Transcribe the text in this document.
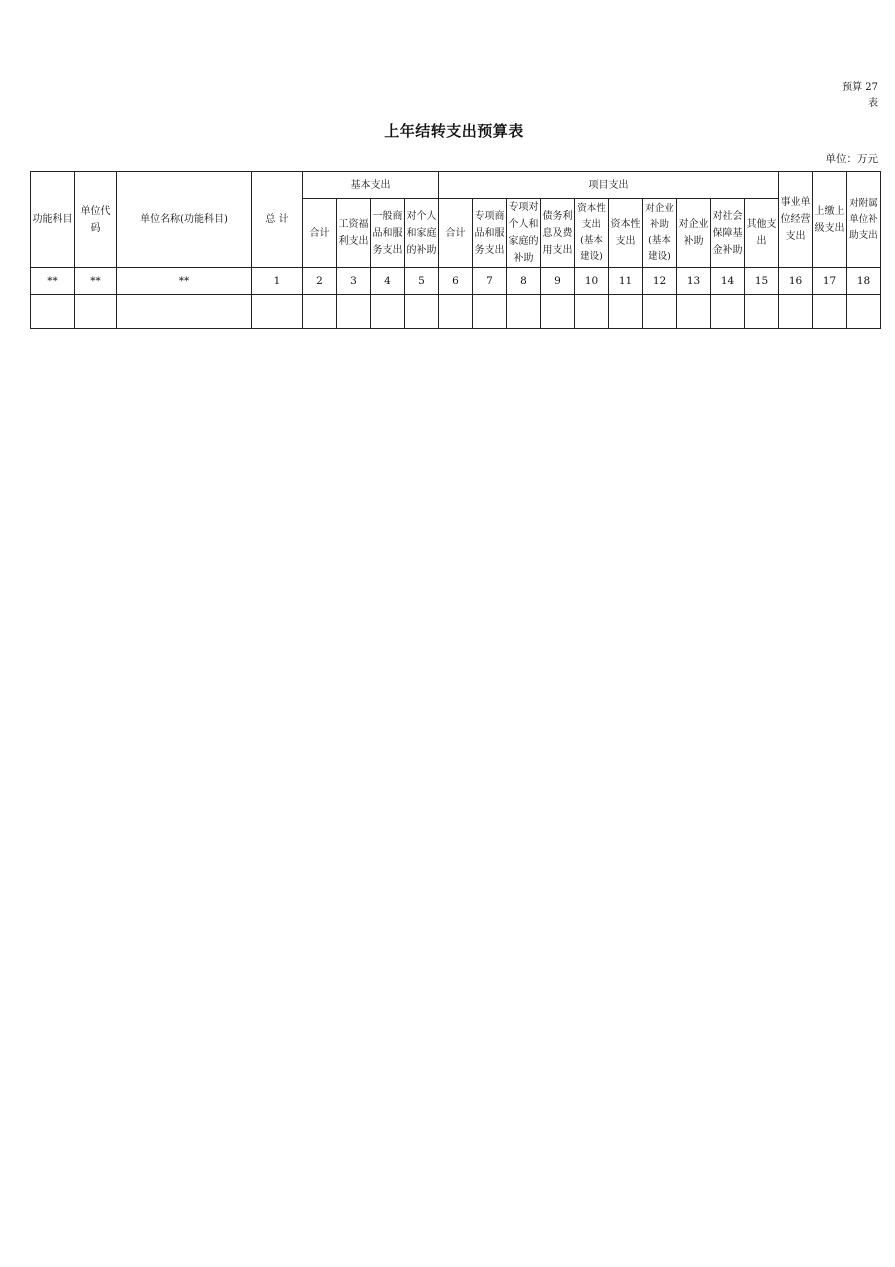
预算 27
表
上年结转支出预算表
单位：万元
功能科目	单位代码	单位名称(功能科目)	总 计	基本支出				项目支出										事业单位经营支出	上缴上级支出	对附属单位补助支出
				合计	工资福利支出	一般商品和服务支出	对个人和家庭的补助	合计	专项商品和服务支出	专项对个人和家庭的补助	债务利息及费用支出	资本性支出(基本建设)	资本性支出	对企业补助(基本建设)	对企业补助	对社会保障基金补助	其他支出			
**	**	**	1	2	3	4	5	6	7	8	9	10	11	12	13	14	15	16	17	18
